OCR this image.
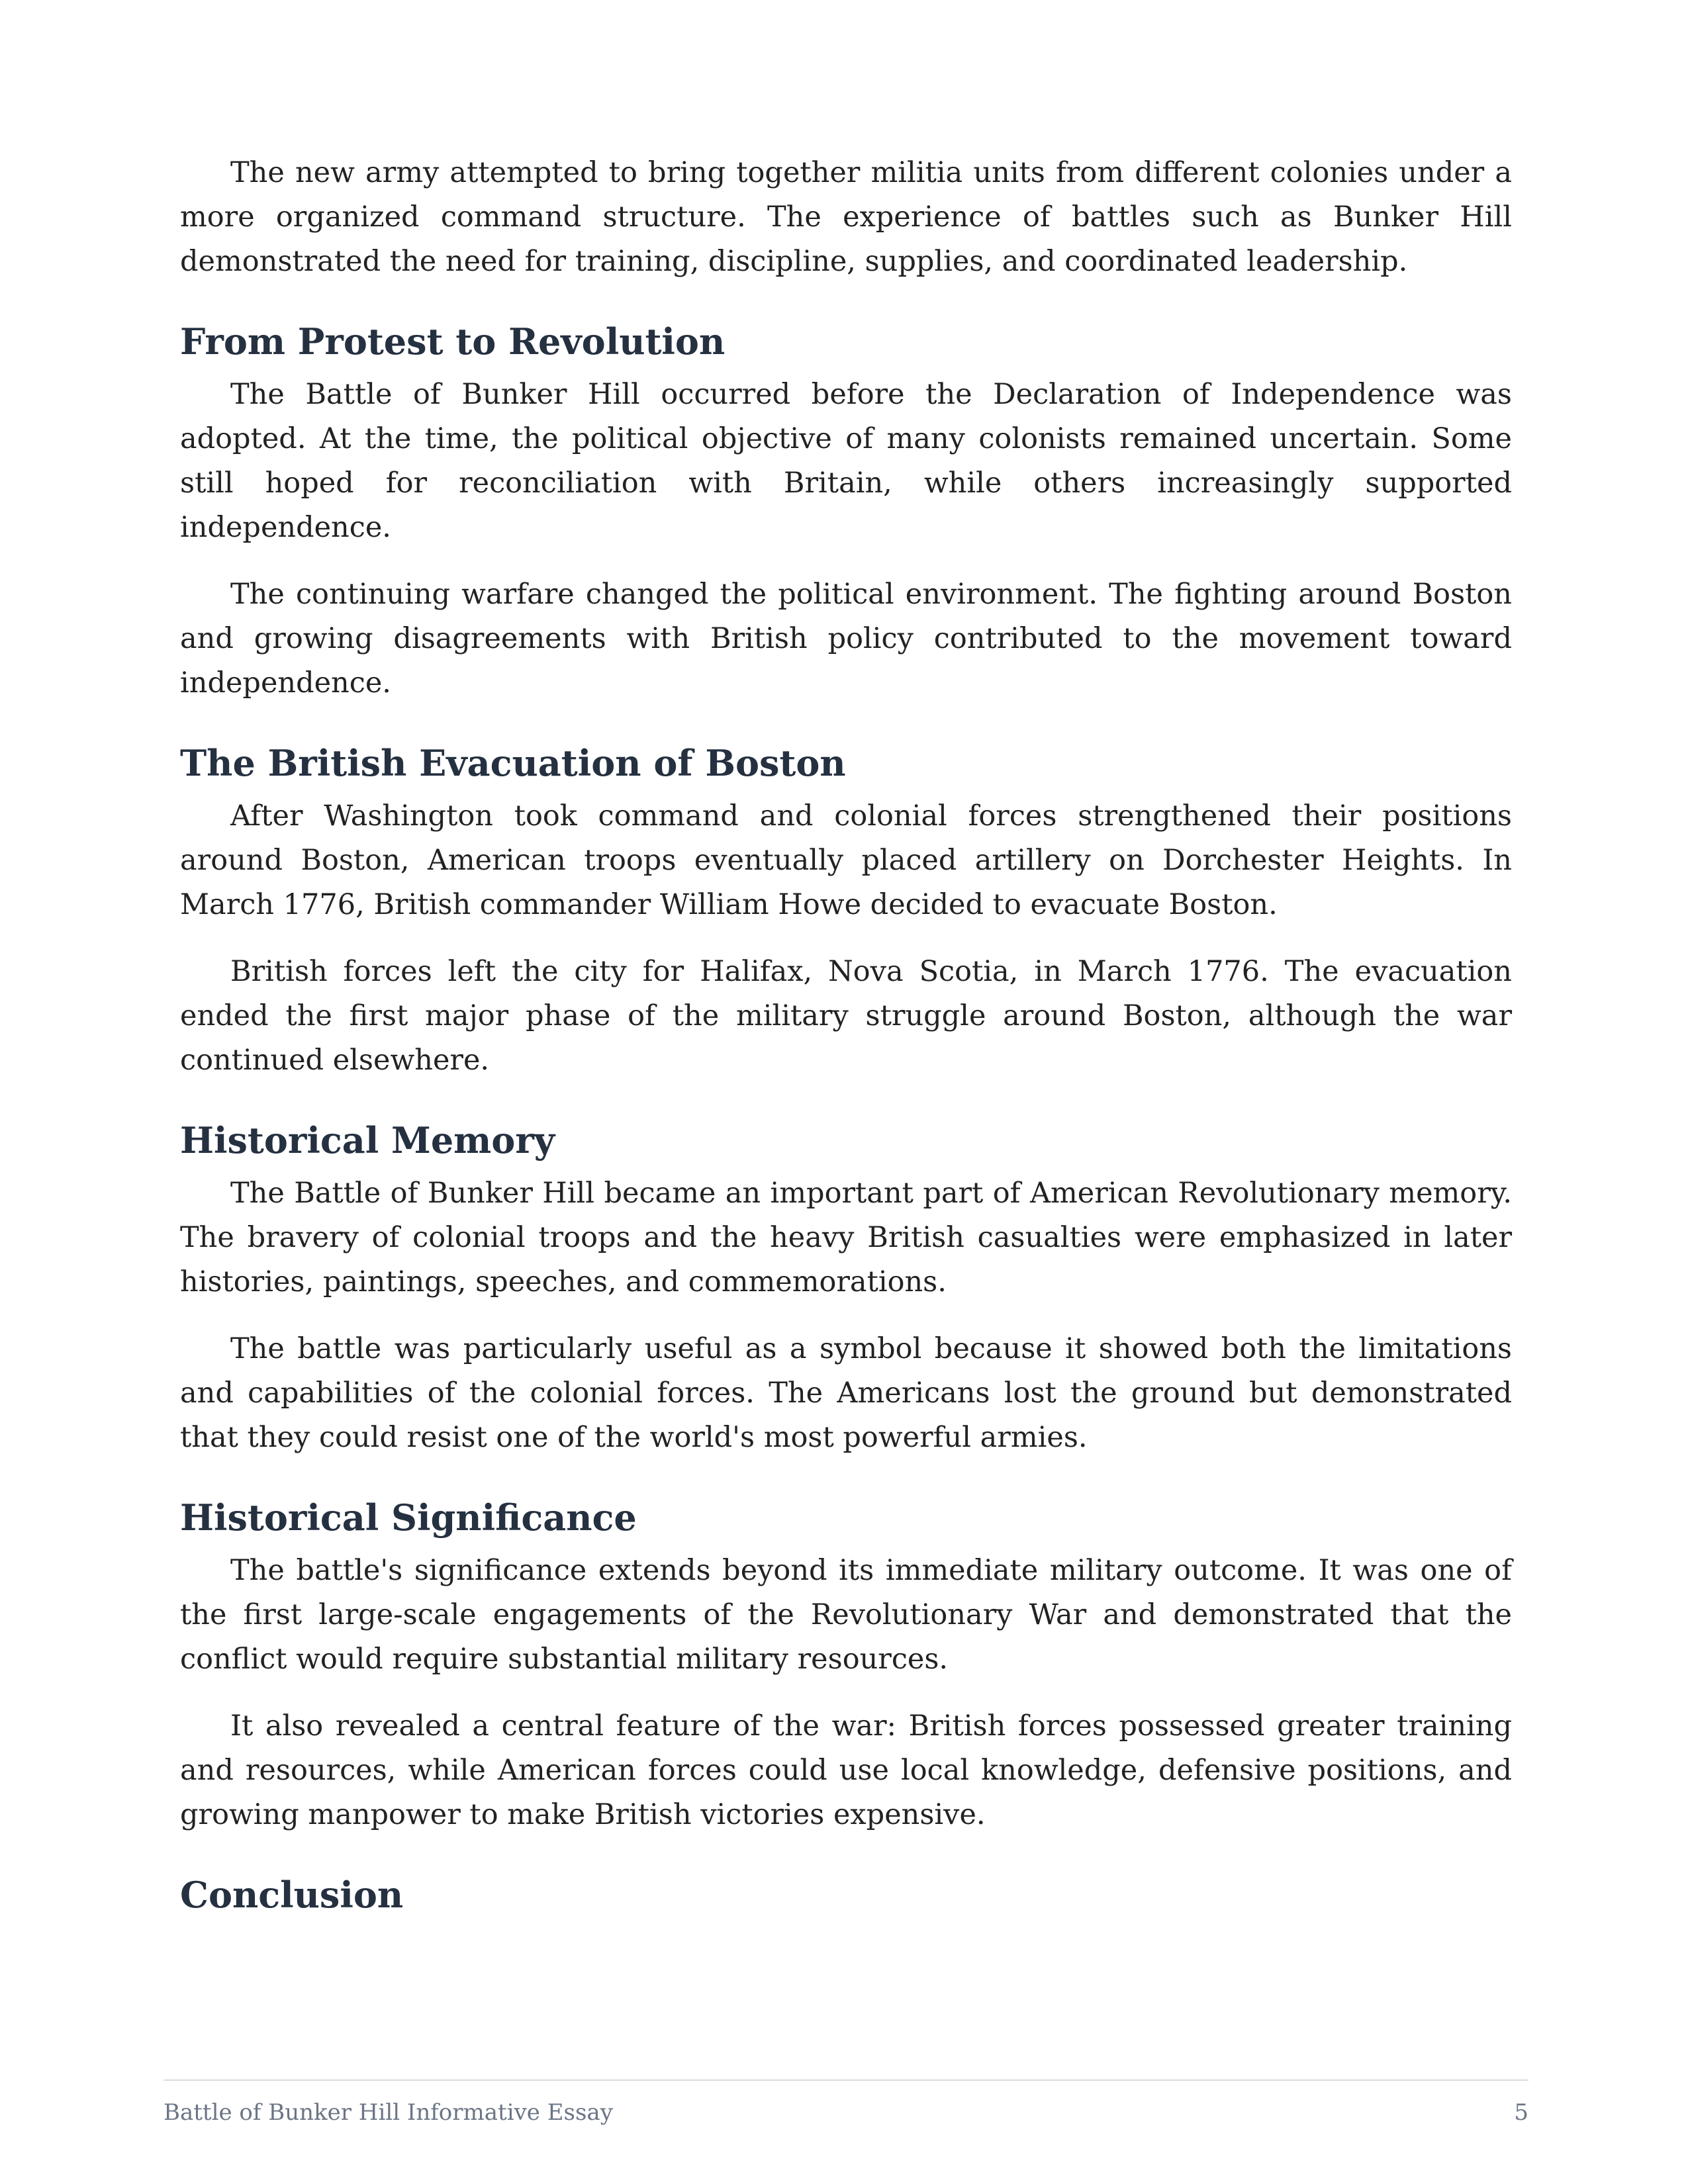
The new army attempted to bring together militia units from different colonies under a more organized command structure. The experience of battles such as Bunker Hill demonstrated the need for training, discipline, supplies, and coordinated leadership.

From Protest to Revolution

The Battle of Bunker Hill occurred before the Declaration of Independence was adopted. At the time, the political objective of many colonists remained uncertain. Some still hoped for reconciliation with Britain, while others increasingly supported independence.

The continuing warfare changed the political environment. The fighting around Boston and growing disagreements with British policy contributed to the movement toward independence.

The British Evacuation of Boston

After Washington took command and colonial forces strengthened their positions around Boston, American troops eventually placed artillery on Dorchester Heights. In March 1776, British commander William Howe decided to evacuate Boston.

British forces left the city for Halifax, Nova Scotia, in March 1776. The evacuation ended the first major phase of the military struggle around Boston, although the war continued elsewhere.

Historical Memory

The Battle of Bunker Hill became an important part of American Revolutionary memory. The bravery of colonial troops and the heavy British casualties were emphasized in later histories, paintings, speeches, and commemorations.

The battle was particularly useful as a symbol because it showed both the limitations and capabilities of the colonial forces. The Americans lost the ground but demonstrated that they could resist one of the world's most powerful armies.

Historical Significance

The battle's significance extends beyond its immediate military outcome. It was one of the first large-scale engagements of the Revolutionary War and demonstrated that the conflict would require substantial military resources.

It also revealed a central feature of the war: British forces possessed greater training and resources, while American forces could use local knowledge, defensive positions, and growing manpower to make British victories expensive.

Conclusion
Battle of Bunker Hill Informative Essay	5
